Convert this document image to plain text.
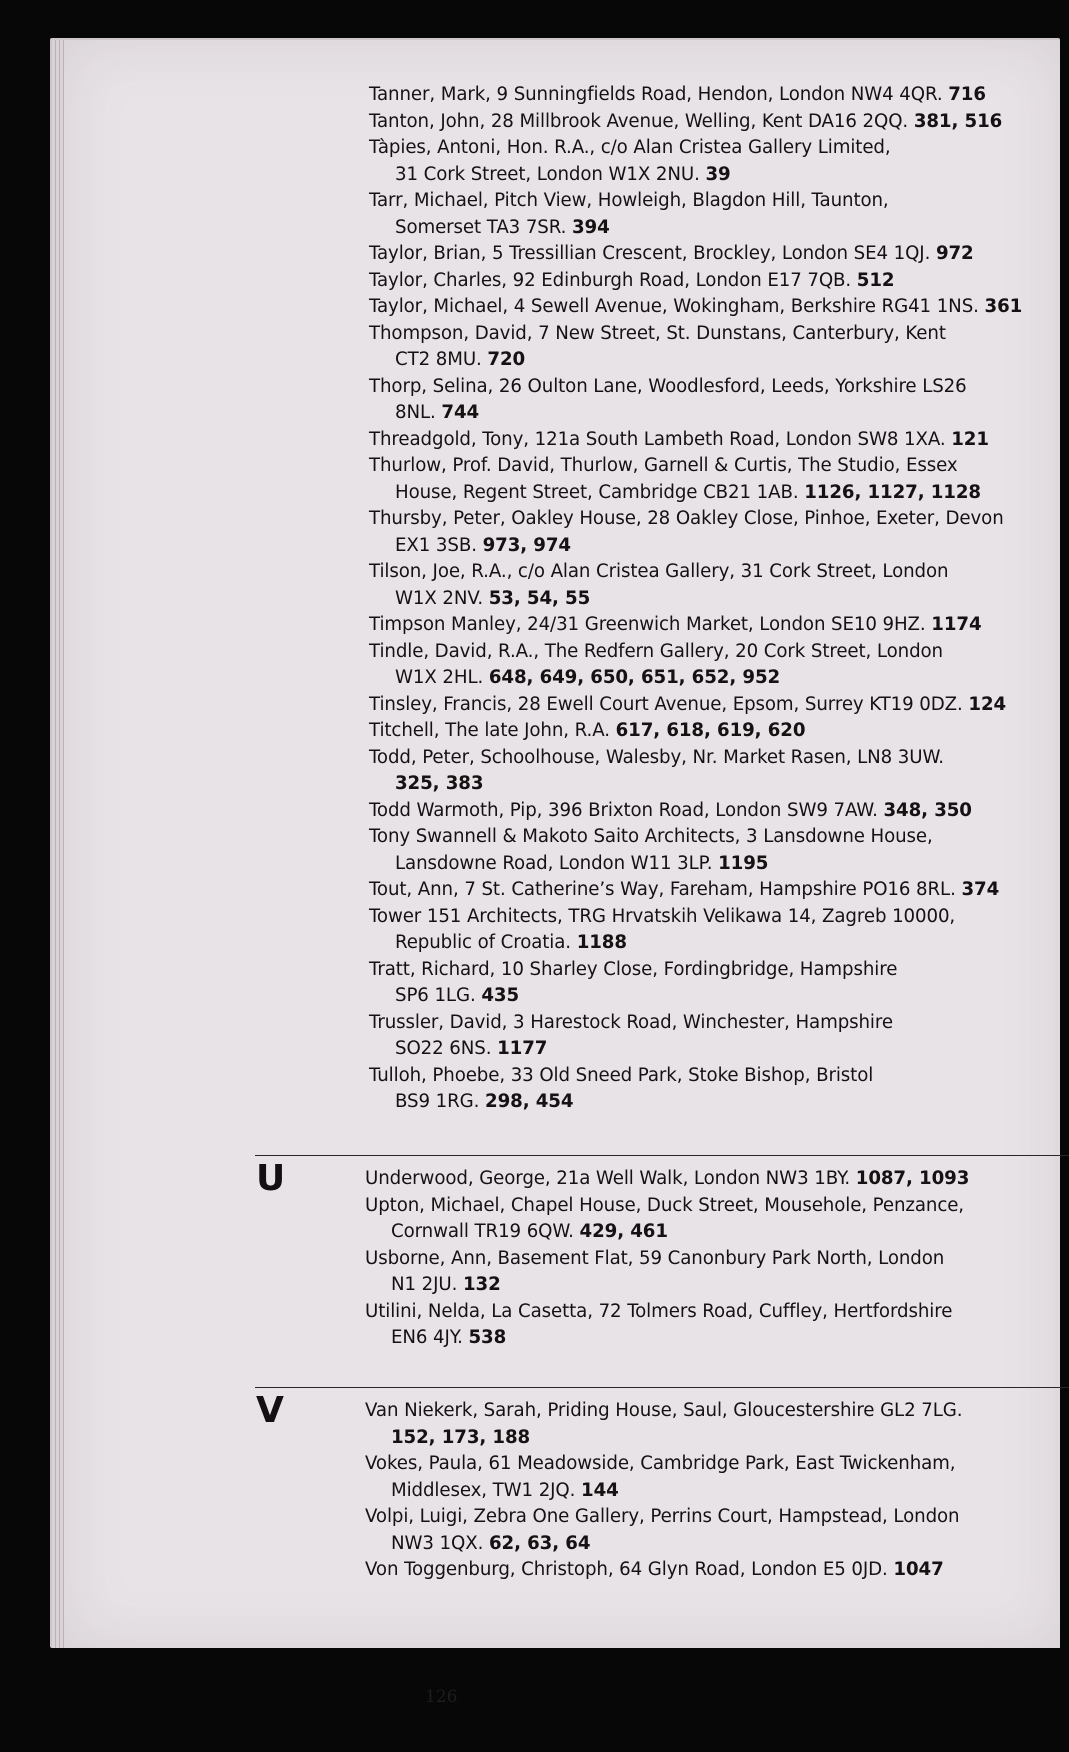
Tanner, Mark, 9 Sunningfields Road, Hendon, London NW4 4QR. 716
Tanton, John, 28 Millbrook Avenue, Welling, Kent DA16 2QQ. 381, 516
Tàpies, Antoni, Hon. R.A., c/o Alan Cristea Gallery Limited,
31 Cork Street, London W1X 2NU. 39
Tarr, Michael, Pitch View, Howleigh, Blagdon Hill, Taunton,
Somerset TA3 7SR. 394
Taylor, Brian, 5 Tressillian Crescent, Brockley, London SE4 1QJ. 972
Taylor, Charles, 92 Edinburgh Road, London E17 7QB. 512
Taylor, Michael, 4 Sewell Avenue, Wokingham, Berkshire RG41 1NS. 361
Thompson, David, 7 New Street, St. Dunstans, Canterbury, Kent
CT2 8MU. 720
Thorp, Selina, 26 Oulton Lane, Woodlesford, Leeds, Yorkshire LS26
8NL. 744
Threadgold, Tony, 121a South Lambeth Road, London SW8 1XA. 121
Thurlow, Prof. David, Thurlow, Garnell & Curtis, The Studio, Essex
House, Regent Street, Cambridge CB21 1AB. 1126, 1127, 1128
Thursby, Peter, Oakley House, 28 Oakley Close, Pinhoe, Exeter, Devon
EX1 3SB. 973, 974
Tilson, Joe, R.A., c/o Alan Cristea Gallery, 31 Cork Street, London
W1X 2NV. 53, 54, 55
Timpson Manley, 24/31 Greenwich Market, London SE10 9HZ. 1174
Tindle, David, R.A., The Redfern Gallery, 20 Cork Street, London
W1X 2HL. 648, 649, 650, 651, 652, 952
Tinsley, Francis, 28 Ewell Court Avenue, Epsom, Surrey KT19 0DZ. 124
Titchell, The late John, R.A. 617, 618, 619, 620
Todd, Peter, Schoolhouse, Walesby, Nr. Market Rasen, LN8 3UW.
325, 383
Todd Warmoth, Pip, 396 Brixton Road, London SW9 7AW. 348, 350
Tony Swannell & Makoto Saito Architects, 3 Lansdowne House,
Lansdowne Road, London W11 3LP. 1195
Tout, Ann, 7 St. Catherine’s Way, Fareham, Hampshire PO16 8RL. 374
Tower 151 Architects, TRG Hrvatskih Velikawa 14, Zagreb 10000,
Republic of Croatia. 1188
Tratt, Richard, 10 Sharley Close, Fordingbridge, Hampshire
SP6 1LG. 435
Trussler, David, 3 Harestock Road, Winchester, Hampshire
SO22 6NS. 1177
Tulloh, Phoebe, 33 Old Sneed Park, Stoke Bishop, Bristol
BS9 1RG. 298, 454
U	Underwood, George, 21a Well Walk, London NW3 1BY. 1087, 1093
Upton, Michael, Chapel House, Duck Street, Mousehole, Penzance,
Cornwall TR19 6QW. 429, 461
Usborne, Ann, Basement Flat, 59 Canonbury Park North, London
N1 2JU. 132
Utilini, Nelda, La Casetta, 72 Tolmers Road, Cuffley, Hertfordshire
EN6 4JY. 538
V	Van Niekerk, Sarah, Priding House, Saul, Gloucestershire GL2 7LG.
152, 173, 188
Vokes, Paula, 61 Meadowside, Cambridge Park, East Twickenham,
Middlesex, TW1 2JQ. 144
Volpi, Luigi, Zebra One Gallery, Perrins Court, Hampstead, London
NW3 1QX. 62, 63, 64
Von Toggenburg, Christoph, 64 Glyn Road, London E5 0JD. 1047
126
